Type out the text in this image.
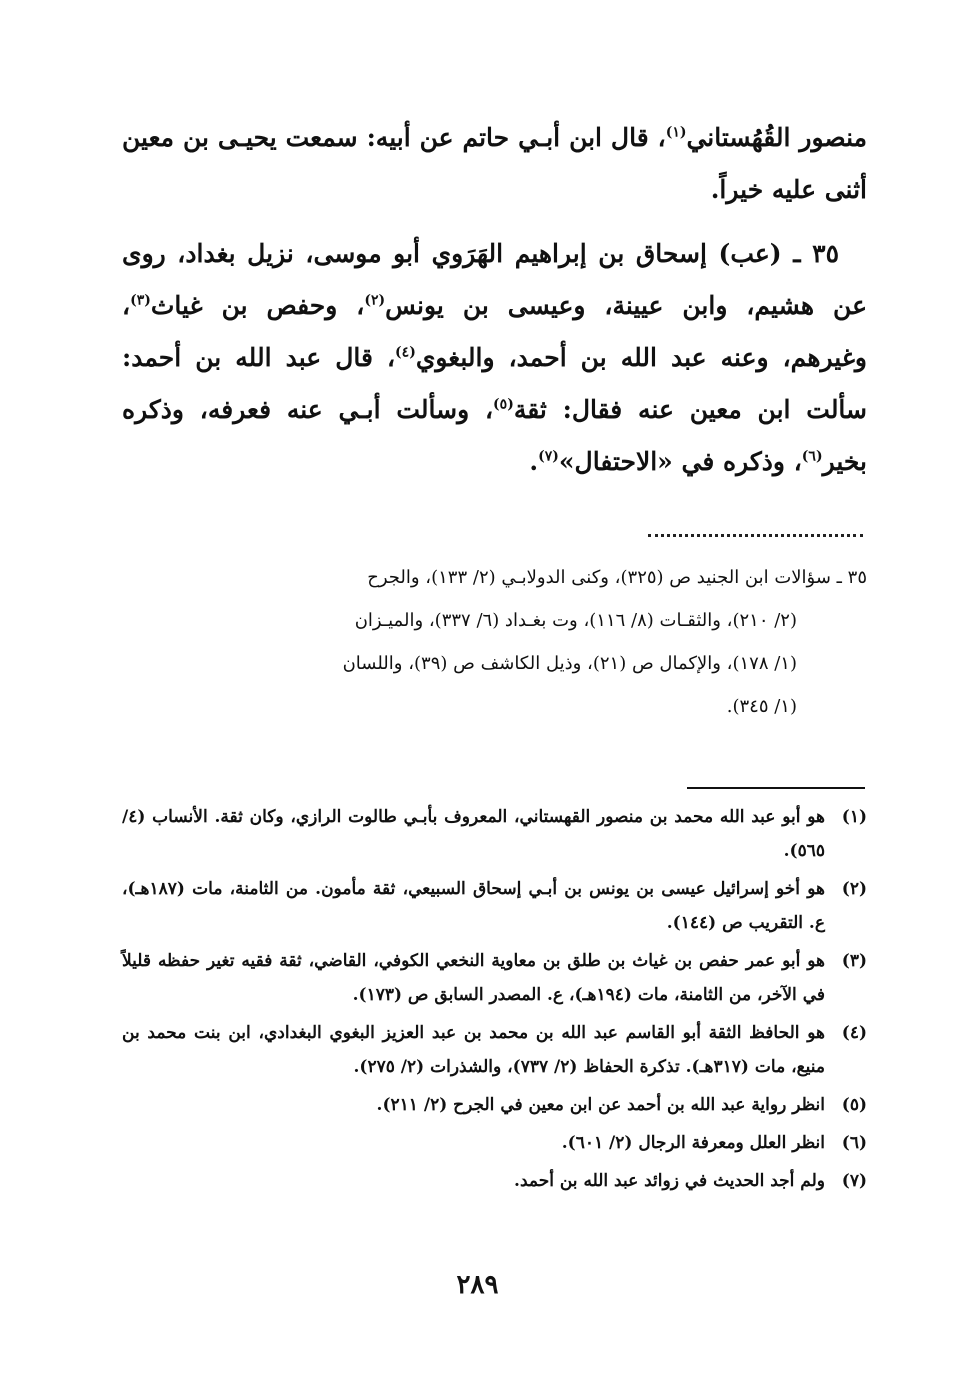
منصور القُهُستاني$^{(١)}$، قال ابن أبـي حاتم عن أبيه: سمعت يحيـى بن معين أثنى عليه خيراً.

٣٥ ـ (عب) إسحاق بن إبراهيم الهَرَوي أبو موسى، نزيل بغداد، روى عن هشيم، وابن عيينة، وعيسى بن يونس$^{(٢)}$، وحفص بن غياث$^{(٣)}$، وغيرهم، وعنه عبد الله بن أحمد، والبغوي$^{(٤)}$، قال عبد الله بن أحمد: سألت ابن معين عنه فقال: ثقة$^{(٥)}$، وسألت أبـي عنه فعرفه، وذكره بخير$^{(٦)}$، وذكره في «الاحتفال»$^{(٧)}$.

٣٥ ـ سؤالات ابن الجنيد ص (٣٢٥)، وكنى الدولابـي (٢/ ١٣٣)، والجرح

(٢/ ٢١٠)، والثقـات (٨/ ١١٦)، وت بغـداد (٦/ ٣٣٧)، والميـزان

(١/ ١٧٨)، والإكمال ص (٢١)، وذيل الكاشف ص (٣٩)، واللسان

(١/ ٣٤٥).

(١)
هو أبو عبد الله محمد بن منصور القهستاني، المعروف بأبـي طالوت الرازي، وكان ثقة. الأنساب (٤/ ٥٦٥).
(٢)
هو أخو إسرائيل عيسى بن يونس بن أبـي إسحاق السبيعي، ثقة مأمون. من الثامنة، مات (١٨٧هـ)، ع. التقريب ص (١٤٤).
(٣)
هو أبو عمر حفص بن غياث بن طلق بن معاوية النخعي الكوفي، القاضي، ثقة فقيه تغير حفظه قليلاً في الآخر، من الثامنة، مات (١٩٤هـ)، ع. المصدر السابق ص (١٧٣).
(٤)
هو الحافظ الثقة أبو القاسم عبد الله بن محمد بن عبد العزيز البغوي البغدادي، ابن بنت محمد بن منيع، مات (٣١٧هـ). تذكرة الحفاظ (٢/ ٧٣٧)، والشذرات (٢/ ٢٧٥).
(٥)
انظر رواية عبد الله بن أحمد عن ابن معين في الجرح (٢/ ٢١١).
(٦)
انظر العلل ومعرفة الرجال (٢/ ٦٠١).
(٧)
ولم أجد الحديث في زوائد عبد الله بن أحمد.
٢٨٩
